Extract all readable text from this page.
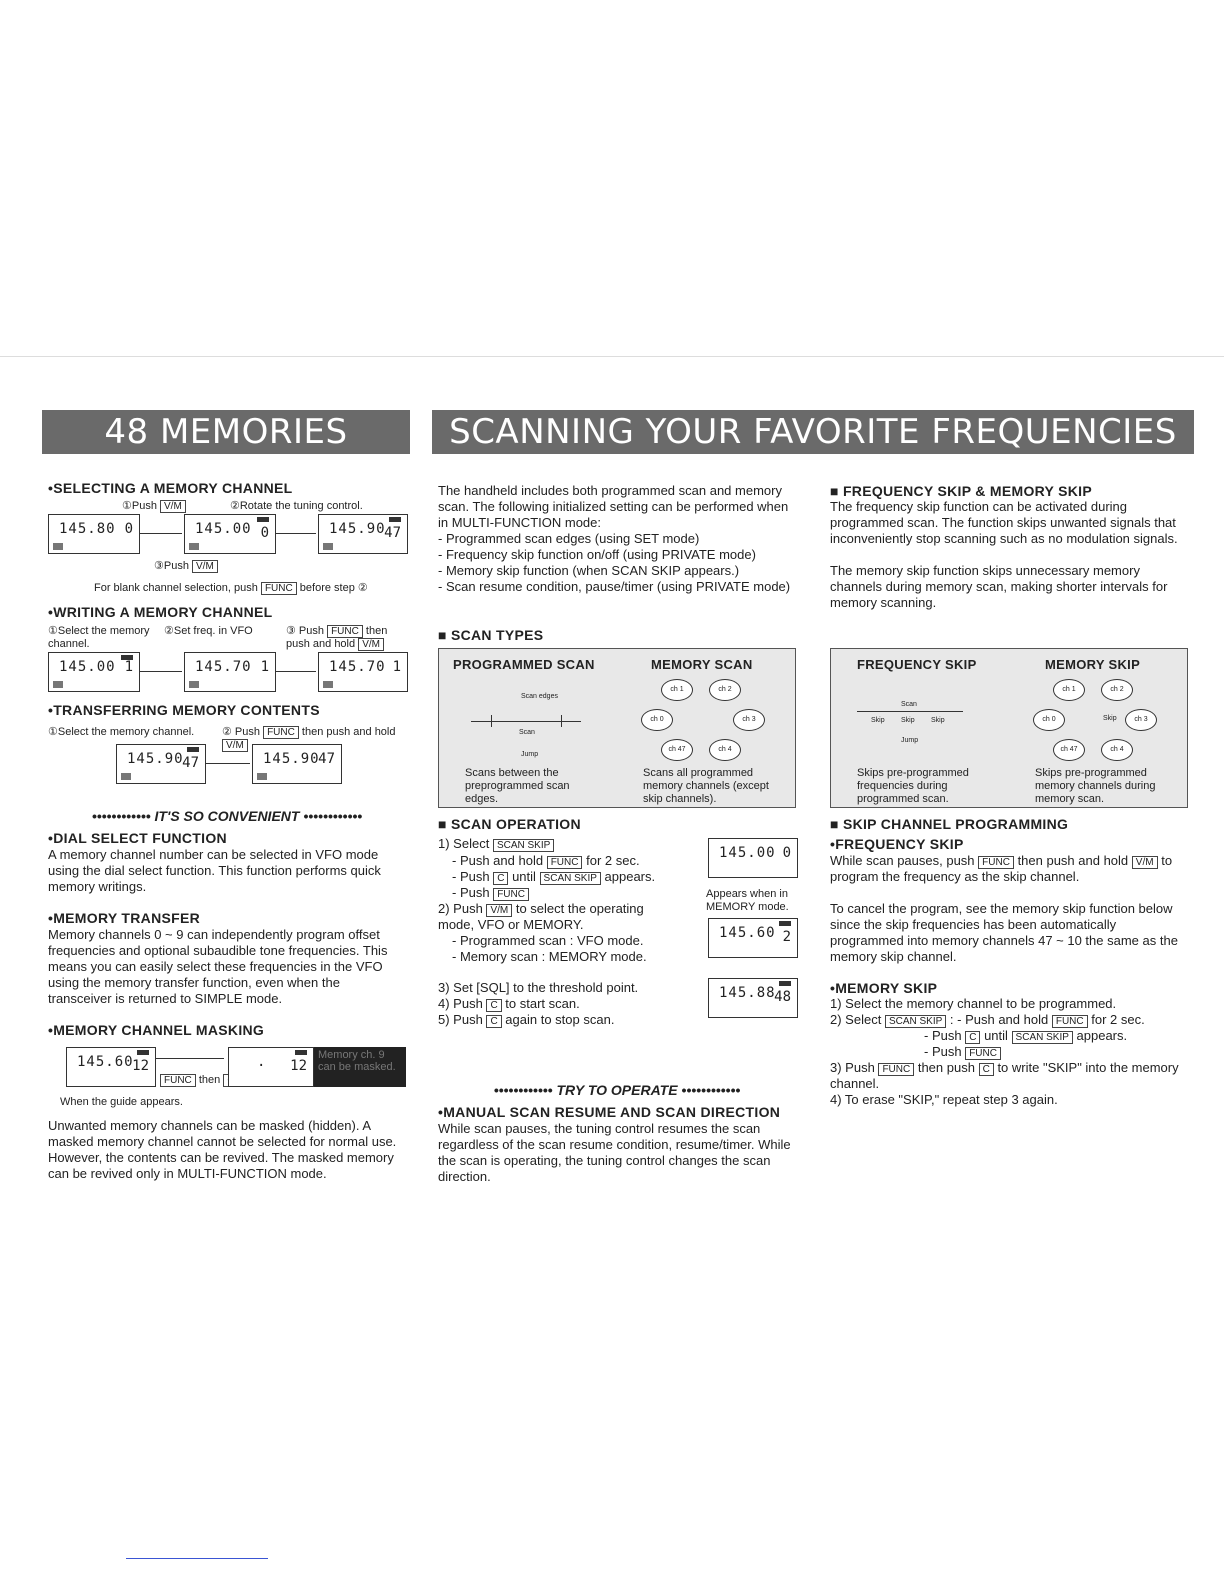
48 MEMORIES
•SELECTING A MEMORY CHANNEL
①Push V/M	②Rotate the tuning control.
145.80 0	145.00 0	145.90
47
③Push V/M
For blank channel selection, push FUNC before step ②
•WRITING A MEMORY CHANNEL
①Select the memory channel.
②Set freq. in VFO	③ Push FUNC then push and hold V/M
145.00 1	145.70 1	145.70 1
•TRANSFERRING MEMORY CONTENTS
①Select the memory channel.	② Push FUNC then push and hold V/M
145.90
47	145.90
47
•••••••••••• IT'S SO CONVENIENT ••••••••••••
•DIAL SELECT FUNCTION
A memory channel number can be selected in VFO mode using the dial select function. This function performs quick memory writings.
•MEMORY TRANSFER
Memory channels 0 ~ 9 can independently program offset frequencies and optional subaudible tone frequencies. This means you can easily select these frequencies in the VFO using the memory transfer function, even when the transceiver is returned to SIMPLE mode.
•MEMORY CHANNEL MASKING
145.60
12
FUNC then
. 12
Memory ch. 9 can be masked.
When the guide appears.
Unwanted memory channels can be masked (hidden). A masked memory channel cannot be selected for normal use. However, the contents can be revived. The masked memory can be revived only in MULTI-FUNCTION mode.
SCANNING YOUR FAVORITE FREQUENCIES
The handheld includes both programmed scan and memory scan. The following initialized setting can be performed when in MULTI-FUNCTION mode:
- Programmed scan edges (using SET mode)
- Frequency skip function on/off (using PRIVATE mode)
- Memory skip function (when SCAN SKIP appears.)
- Scan resume condition, pause/timer (using PRIVATE mode)
■ SCAN TYPES
PROGRAMMED SCAN	MEMORY SCAN
Scan edges
Scan
Jump
Scans between the preprogrammed scan edges.
ch 1	ch 2
ch 0	ch 3
ch 47	ch 4
Scans all programmed memory channels (except skip channels).
■ SCAN OPERATION
1) Select SCAN SKIP
- Push and hold FUNC for 2 sec.
- Push C until SCAN SKIP appears.
- Push FUNC
2) Push V/M to select the operating mode, VFO or MEMORY.
- Programmed scan : VFO mode.
- Memory scan : MEMORY mode.
3) Set [SQL] to the threshold point.
4) Push C to start scan.
5) Push C again to stop scan.
145.00 0
Appears when in MEMORY mode.
145.60 2
145.88
48
•••••••••••• TRY TO OPERATE ••••••••••••
•MANUAL SCAN RESUME AND SCAN DIRECTION
While scan pauses, the tuning control resumes the scan regardless of the scan resume condition, resume/timer. While the scan is operating, the tuning control changes the scan direction.
■ FREQUENCY SKIP & MEMORY SKIP
The frequency skip function can be activated during programmed scan. The function skips unwanted signals that inconveniently stop scanning such as no modulation signals.
The memory skip function skips unnecessary memory channels during memory scan, making shorter intervals for memory scanning.
FREQUENCY SKIP	MEMORY SKIP
Scan
Skip Skip Skip
Jump
Skips pre-programmed frequencies during programmed scan.
ch 1	ch 2
ch 0	Skip	ch 3
ch 47	ch 4
Skips pre-programmed memory channels during memory scan.
■ SKIP CHANNEL PROGRAMMING
•FREQUENCY SKIP
While scan pauses, push FUNC then push and hold V/M to program the frequency as the skip channel.
To cancel the program, see the memory skip function below since the skip frequencies has been automatically programmed into memory channels 47 ~ 10 the same as the memory skip channel.
•MEMORY SKIP
1) Select the memory channel to be programmed.
2) Select SCAN SKIP : - Push and hold FUNC for 2 sec.
- Push C until SCAN SKIP appears.
- Push FUNC
3) Push FUNC then push C to write "SKIP" into the memory channel.
4) To erase "SKIP," repeat step 3 again.
